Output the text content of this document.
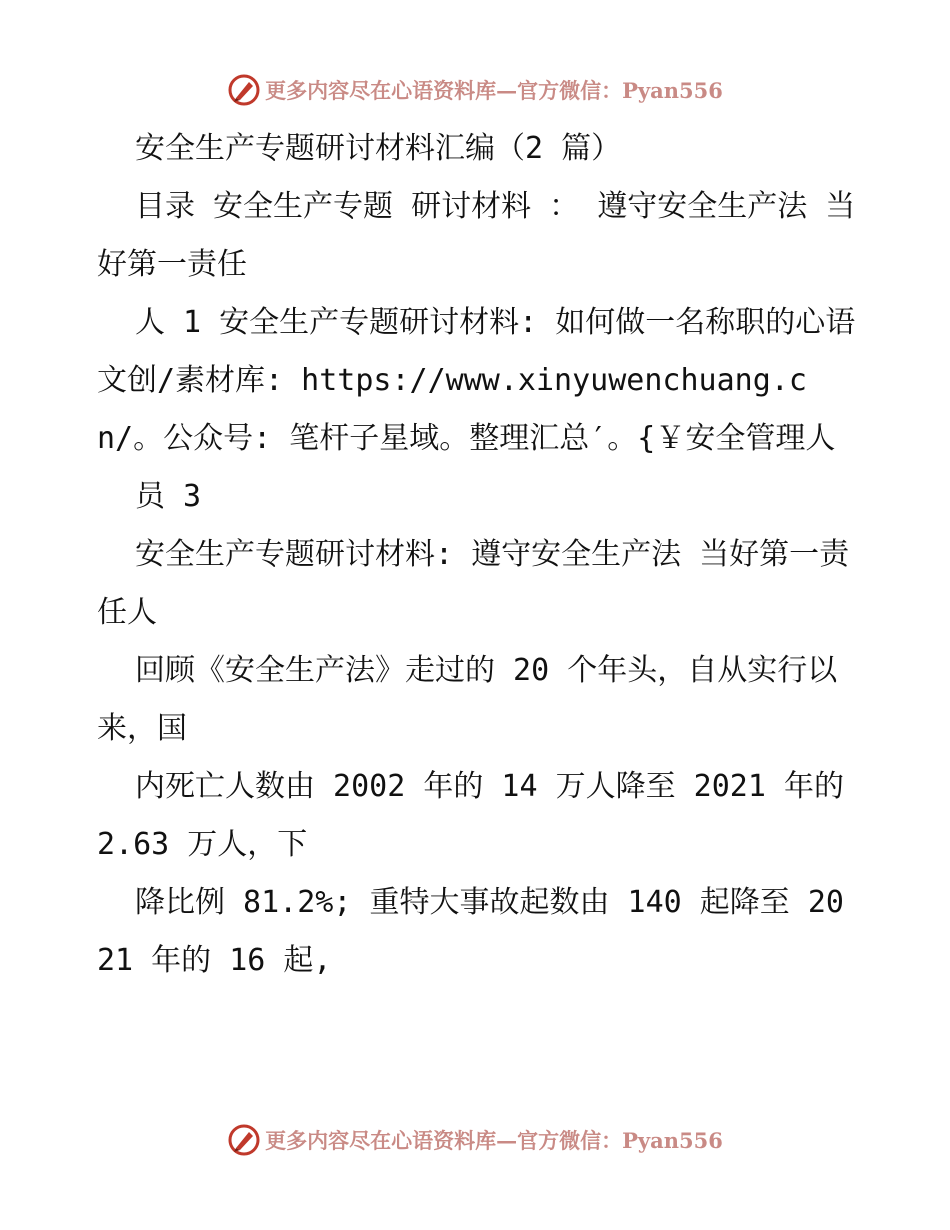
更多内容尽在心语资料库—官方微信：Pyan556

安全生产专题研讨材料汇编（2 篇）

目录 安全生产专题 研讨材料 ： 遵守安全生产法 当好第一责任

人 1 安全生产专题研讨材料: 如何做一名称职的心语文创/素材库: https://www.xinyuwenchuang.cn/。公众号: 笔杆子星域。整理汇总′。{￥安全管理人

员 3

安全生产专题研讨材料: 遵守安全生产法 当好第一责任人

回顾《安全生产法》走过的 20 个年头，自从实行以来，国

内死亡人数由 2002 年的 14 万人降至 2021 年的 2.63 万人，下

降比例 81.2%; 重特大事故起数由 140 起降至 2021 年的 16 起,

更多内容尽在心语资料库—官方微信：Pyan556
